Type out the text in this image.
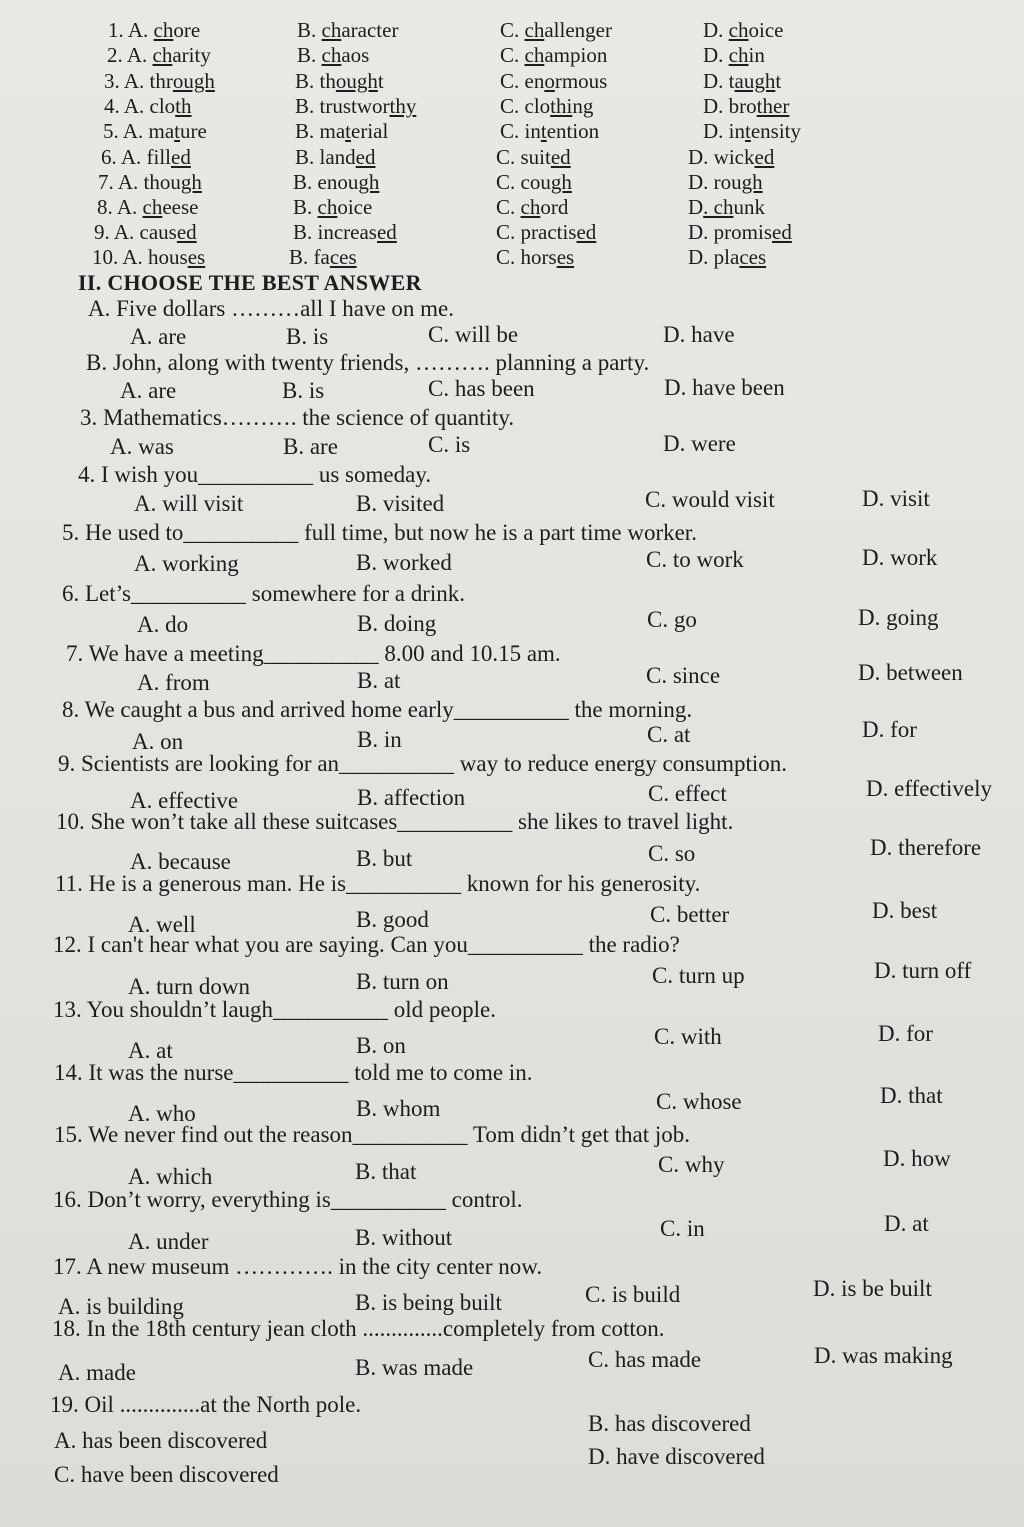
1. A. chore	B. character	C. challenger	D. choice
2. A. charity	B. chaos	C. champion	D. chin
3. A. through	B. thought	C. enormous	D. taught
4. A. cloth	B. trustworthy	C. clothing	D. brother
5. A. mature	B. material	C. intention	D. intensity
6. A. filled	B. landed	C. suited	D. wicked
7. A. though	B. enough	C. cough	D. rough
8. A. cheese	B. choice	C. chord	D. chunk
9. A. caused	B. increased	C. practised	D. promised
10. A. houses	B. faces	C. horses	D. places
II. CHOOSE THE BEST ANSWER
A. Five dollars ………all I have on me.
A. are	B. is	C. will be	D. have
B. John, along with twenty friends, ………. planning a party.
A. are	B. is	C. has been	D. have been
3. Mathematics………. the science of quantity.
A. was	B. are	C. is	D. were
4. I wish you__________ us someday.
A. will visit	B. visited	C. would visit	D. visit
5. He used to__________ full time, but now he is a part time worker.
A. working	B. worked	C. to work	D. work
6. Let’s__________ somewhere for a drink.
A. do	B. doing	C. go	D. going
7. We have a meeting__________ 8.00 and 10.15 am.
A. from	B. at	C. since	D. between
8. We caught a bus and arrived home early__________ the morning.
A. on	B. in	C. at	D. for
9. Scientists are looking for an__________ way to reduce energy consumption.
A. effective	B. affection	C. effect	D. effectively
10. She won’t take all these suitcases__________ she likes to travel light.
A. because	B. but	C. so	D. therefore
11. He is a generous man. He is__________ known for his generosity.
A. well	B. good	C. better	D. best
12. I can't hear what you are saying. Can you__________ the radio?
A. turn down	B. turn on	C. turn up	D. turn off
13. You shouldn’t laugh__________ old people.
A. at	B. on	C. with	D. for
14. It was the nurse__________ told me to come in.
A. who	B. whom	C. whose	D. that
15. We never find out the reason__________ Tom didn’t get that job.
A. which	B. that	C. why	D. how
16. Don’t worry, everything is__________ control.
A. under	B. without	C. in	D. at
17. A new museum …………. in the city center now.
A. is building	B. is being built	C. is build	D. is be built
18. In the 18th century jean cloth ..............completely from cotton.
A. made	B. was made	C. has made	D. was making
19. Oil ..............at the North pole.
A. has been discovered
B. has discovered
C. have been discovered
D. have discovered
